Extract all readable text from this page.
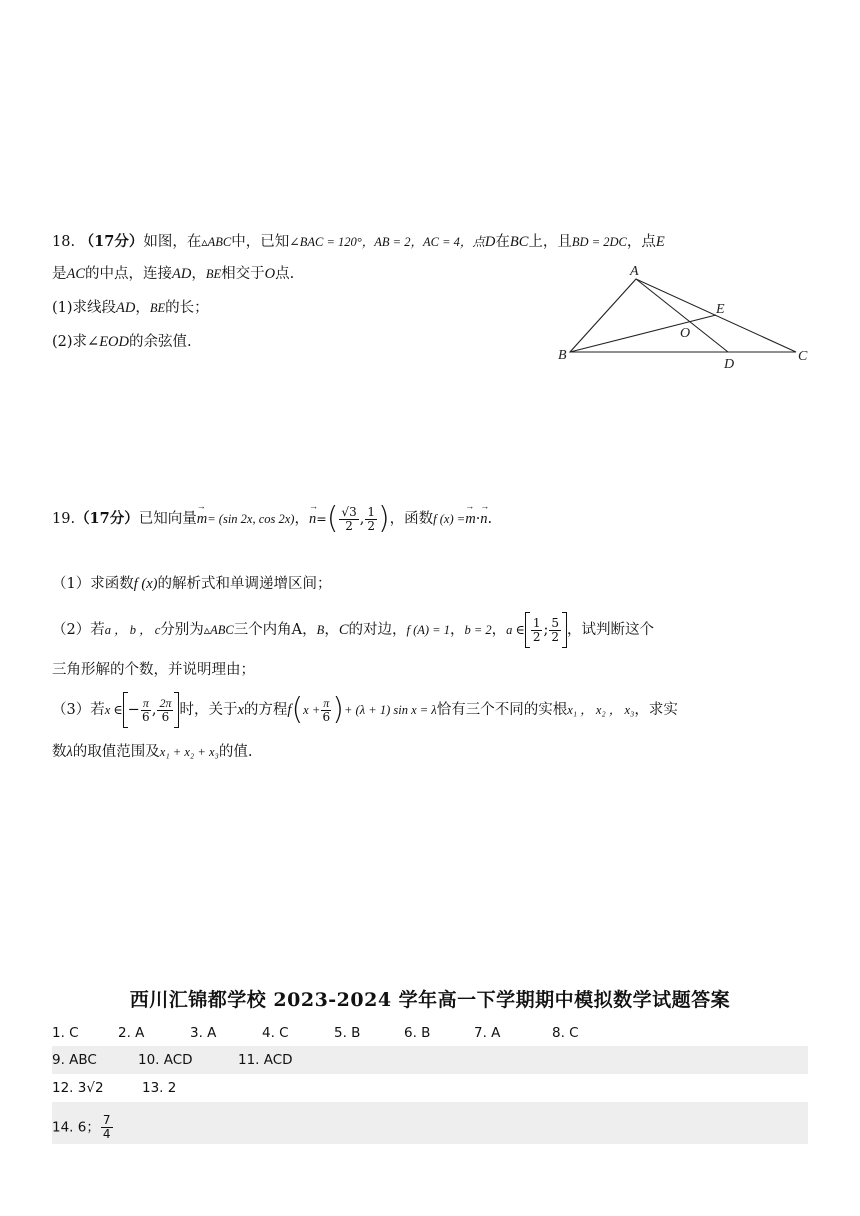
18. （17分）如图，在▵ABC中，已知∠BAC = 120°，AB = 2，AC = 4，点D在BC上，且BD = 2DC，点E
是AC的中点，连接AD，BE相交于O点.
(1)求线段AD，BE的长；
(2)求∠EOD的余弦值.
A
E
O
B
D
C
19.（17分）已知向量→ m= (sin 2x, cos 2x)，→ $n=( \frac{√3}{2}$ , $\frac{1}{2}$ )，函数f (x) =→ m·→ n.
（1）求函数f (x)的解析式和单调递增区间；
（2）若a ， b ， c分别为▵ABC三个内角A，B，C的对边，f (A) = 1，b = 2，a ∈ $\frac{1}{2}$ ; $\frac{5}{2}$ ，试判断这个
三角形解的个数，并说明理由；
（3）若x ∈ − $\frac{\pi}{6}$ , $\frac{2\pi}{6}$ 时，关于x的方程$f(x + \frac{\pi}{6}$ )+ (λ + 1) sin x = λ恰有三个不同的实根x₁ ， x₂ ， x₃，求实
数λ的取值范围及x₁ + x₂ + x₃的值.
西川汇锦都学校 2023-2024 学年高一下学期期中模拟数学试题答案
1. C	2. A	3. A	4. C	5. B	6. B	7. A	8. C
9. ABC	10. ACD	11. ACD
12. 3√2	13. 2
14. 6； $\frac{7}{4}$
